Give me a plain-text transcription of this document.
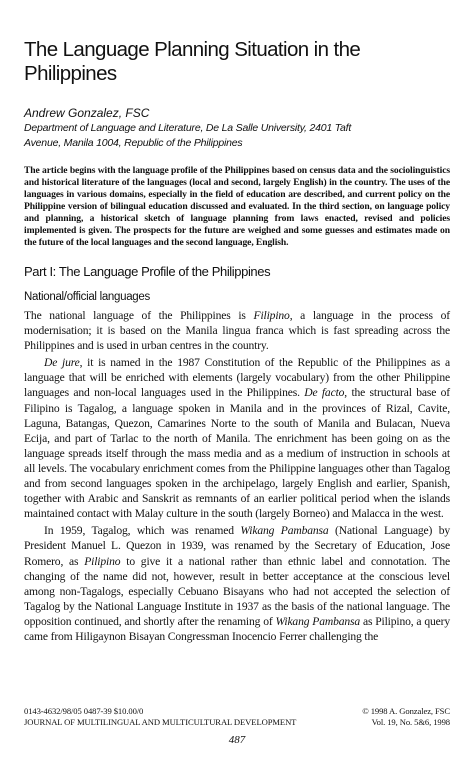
The Language Planning Situation in the Philippines
Andrew Gonzalez, FSC
Department of Language and Literature, De La Salle University, 2401 Taft
Avenue, Manila 1004, Republic of the Philippines
The article begins with the language profile of the Philippines based on census data and the sociolinguistics and historical literature of the languages (local and second, largely English) in the country. The uses of the languages in various domains, especially in the field of education are described, and current policy on the Philippine version of bilingual education discussed and evaluated. In the third section, on language policy and planning, a historical sketch of language planning from laws enacted, revised and policies implemented is given. The prospects for the future are weighed and some guesses and estimates made on the future of the local languages and the second language, English.
Part I: The Language Profile of the Philippines
National/official languages

The national language of the Philippines is Filipino, a language in the process of modernisation; it is based on the Manila lingua franca which is fast spreading across the Philippines and is used in urban centres in the country.

De jure, it is named in the 1987 Constitution of the Republic of the Philippines as a language that will be enriched with elements (largely vocabulary) from the other Philippine languages and non-local languages used in the Philippines. De facto, the structural base of Filipino is Tagalog, a language spoken in Manila and in the provinces of Rizal, Cavite, Laguna, Batangas, Quezon, Camarines Norte to the south of Manila and Bulacan, Nueva Ecija, and part of Tarlac to the north of Manila. The enrichment has been going on as the language spreads itself through the mass media and as a medium of instruction in schools at all levels. The vocabulary enrichment comes from the Philippine languages other than Tagalog and from second languages spoken in the archipelago, largely English and earlier, Spanish, together with Arabic and Sanskrit as remnants of an earlier political period when the islands maintained contact with Malay culture in the south (largely Borneo) and Malacca in the west.

In 1959, Tagalog, which was renamed Wikang Pambansa (National Language) by President Manuel L. Quezon in 1939, was renamed by the Secretary of Education, Jose Romero, as Pilipino to give it a national rather than ethnic label and connotation. The changing of the name did not, however, result in better acceptance at the conscious level among non-Tagalogs, especially Cebuano Bisayans who had not accepted the selection of Tagalog by the National Language Institute in 1937 as the basis of the national language. The opposition continued, and shortly after the renaming of Wikang Pambansa as Pilipino, a query came from Hiligaynon Bisayan Congressman Inocencio Ferrer challenging the

0143-4632/98/05 0487-39 $10.00/0	© 1998 A. Gonzalez, FSC
JOURNAL OF MULTILINGUAL AND MULTICULTURAL DEVELOPMENT	Vol. 19, No. 5&6, 1998
487
